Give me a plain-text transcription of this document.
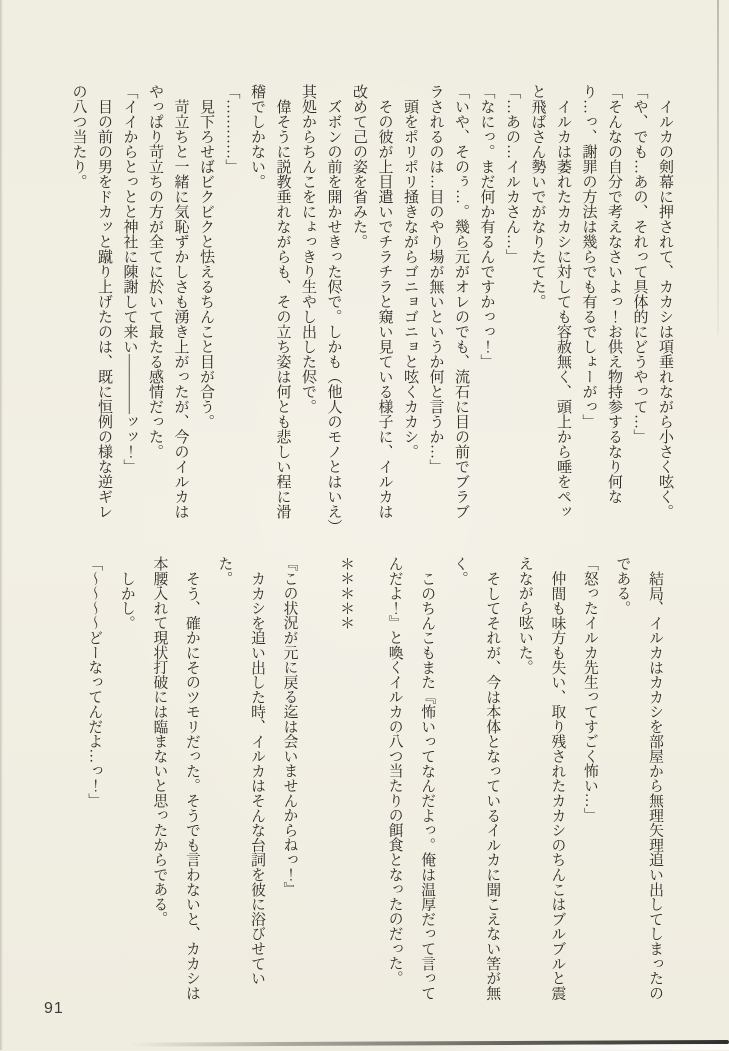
イルカの剣幕に押されて、カカシは項垂れながら小さく呟く。

「や、でも…あの、それって具体的にどうやって…」

「そんなの自分で考えなさいよっ！お供え物持参するなり何なり…っ、謝罪の方法は幾らでも有るでしょーがっ」

イルカは萎れたカカシに対しても容赦無く、頭上から唾をペッと飛ばさん勢いでがなりたてた。

「…あの…イルカさん…」

「なにっ。まだ何か有るんですかっっ！」

「いや、そのぅ…。幾ら元がオレのでも、流石に目の前でブラブラされるのは…目のやり場が無いというか何と言うか…」

頭をポリポリ掻きながらゴニョゴニョと呟くカカシ。

その彼が上目遣いでチラチラと窺い見ている様子に、イルカは改めて己の姿を省みた。

ズボンの前を開かせきった侭で。しかも（他人のモノとはいえ）其処からちんこをにょっきり生やし出した侭で。

偉そうに説教垂れながらも、その立ち姿は何とも悲しい程に滑稽でしかない。

「…………」

見下ろせばビクビクと怯えるちんこと目が合う。

苛立ちと一緒に気恥ずかしさも湧き上がったが、今のイルカはやっぱり苛立ちの方が全てに於いて最たる感情だった。

「イイからとっとと神社に陳謝して来い――――ッッ！」

目の前の男をドカッと蹴り上げたのは、既に恒例の様な逆ギレの八つ当たり。

結局、イルカはカカシを部屋から無理矢理追い出してしまったのである。

「怒ったイルカ先生ってすごく怖い…」

仲間も味方も失い、取り残されたカカシのちんこはブルブルと震えながら呟いた。

そしてそれが、今は本体となっているイルカに聞こえない筈が無く。

このちんこもまた『怖いってなんだよっ。俺は温厚だって言ってんだよ！』と喚くイルカの八つ当たりの餌食となったのだった。

＊＊＊＊＊

『この状況が元に戻る迄は会いませんからねっ！』

カカシを追い出した時、イルカはそんな台詞を彼に浴びせていた。

そう、確かにそのツモリだった。そうでも言わないと、カカシは本腰入れて現状打破には臨まないと思ったからである。

しかし。

「〜〜〜〜どーなってんだよ…っ！」

91
